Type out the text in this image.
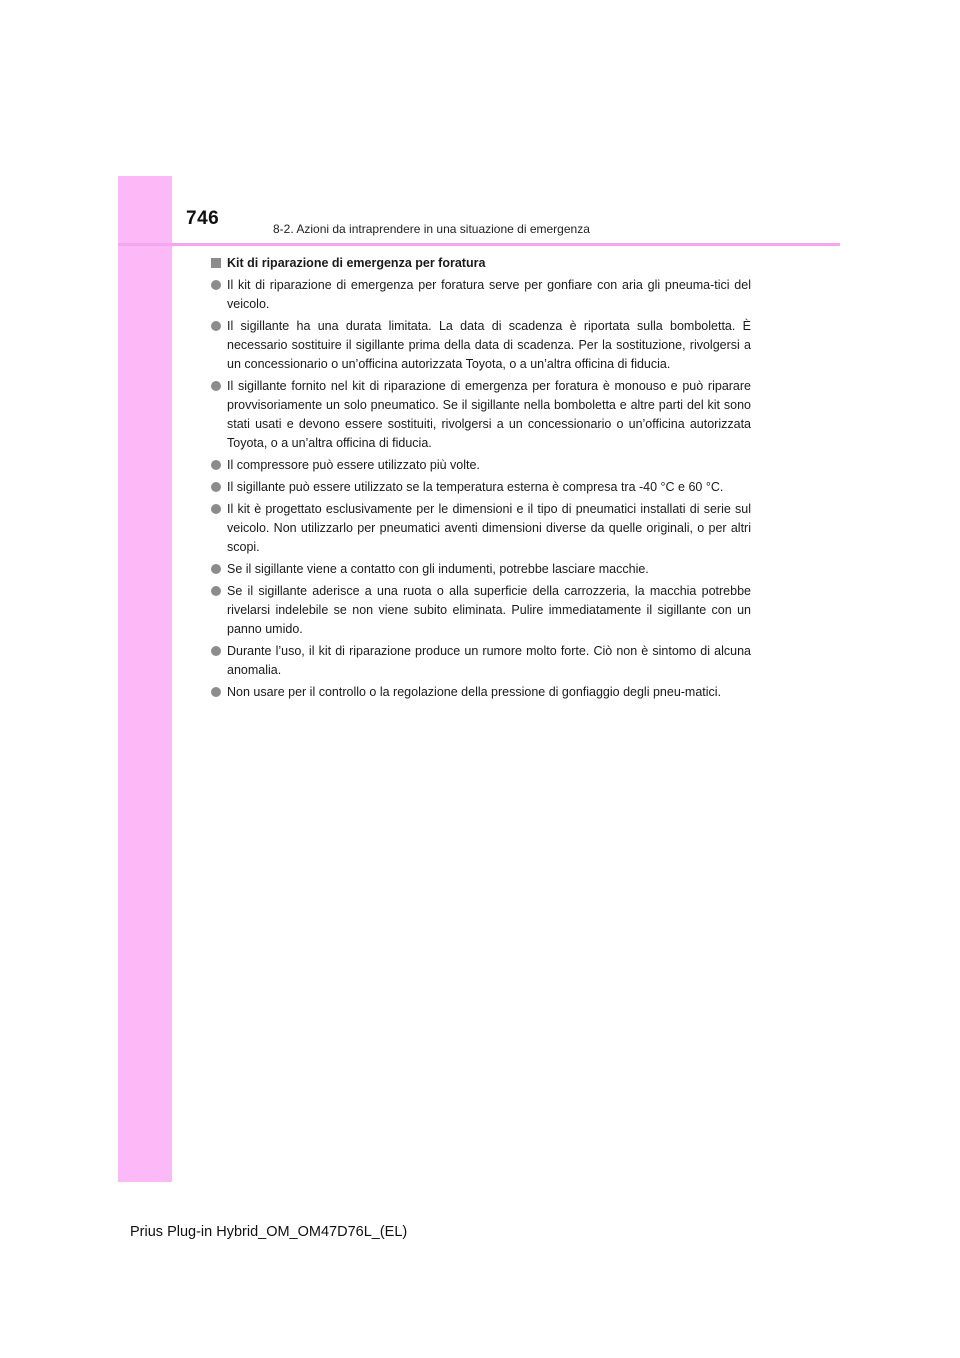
746	8-2. Azioni da intraprendere in una situazione di emergenza
Kit di riparazione di emergenza per foratura
Il kit di riparazione di emergenza per foratura serve per gonfiare con aria gli pneuma-tici del veicolo.
Il sigillante ha una durata limitata. La data di scadenza è riportata sulla bomboletta. È necessario sostituire il sigillante prima della data di scadenza. Per la sostituzione, rivolgersi a un concessionario o un’officina autorizzata Toyota, o a un’altra officina di fiducia.
Il sigillante fornito nel kit di riparazione di emergenza per foratura è monouso e può riparare provvisoriamente un solo pneumatico. Se il sigillante nella bomboletta e altre parti del kit sono stati usati e devono essere sostituiti, rivolgersi a un concessionario o un’officina autorizzata Toyota, o a un’altra officina di fiducia.
Il compressore può essere utilizzato più volte.
Il sigillante può essere utilizzato se la temperatura esterna è compresa tra -40 °C e 60 °C.
Il kit è progettato esclusivamente per le dimensioni e il tipo di pneumatici installati di serie sul veicolo. Non utilizzarlo per pneumatici aventi dimensioni diverse da quelle originali, o per altri scopi.
Se il sigillante viene a contatto con gli indumenti, potrebbe lasciare macchie.
Se il sigillante aderisce a una ruota o alla superficie della carrozzeria, la macchia potrebbe rivelarsi indelebile se non viene subito eliminata. Pulire immediatamente il sigillante con un panno umido.
Durante l’uso, il kit di riparazione produce un rumore molto forte. Ciò non è sintomo di alcuna anomalia.
Non usare per il controllo o la regolazione della pressione di gonfiaggio degli pneu-matici.
Prius Plug-in Hybrid_OM_OM47D76L_(EL)
